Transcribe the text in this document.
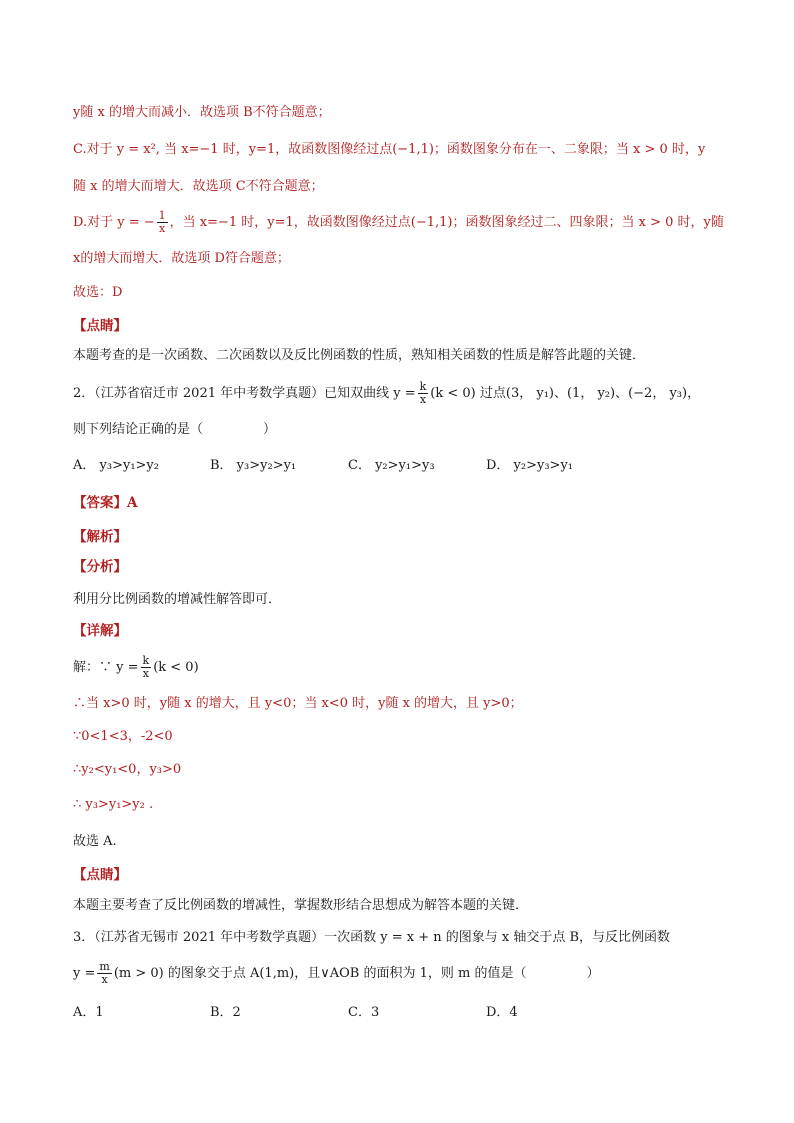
y随 x 的增大而减小．故选项 B不符合题意；
C.对于 y = x², 当 x=−1 时，y=1，故函数图像经过点(−1,1)；函数图象分布在一、二象限；当 x > 0 时，y
随 x 的增大而增大．故选项 C不符合题意；
D.对于 y = − $\frac{1}{x}$ ，当 x=−1 时，y=1，故函数图像经过点(−1,1)；函数图象经过二、四象限；当 x > 0 时，y随
x的增大而增大．故选项 D符合题意；
故选：D
【点睛】
本题考查的是一次函数、二次函数以及反比例函数的性质，熟知相关函数的性质是解答此题的关键．
2．（江苏省宿迁市 2021 年中考数学真题）已知双曲线 $y = \frac{k}{x} (k < 0)$ 过点(3， y₁)、(1， y₂)、(−2， y₃)，
则下列结论正确的是（	）
A． y₃>y₁>y₂	B． y₃>y₂>y₁	C． y₂>y₁>y₃	D． y₂>y₃>y₁
【答案】A
【解析】
【分析】
利用分比例函数的增减性解答即可．
【详解】
解：∵ $y = \frac{k}{x} (k < 0)$
∴当 x>0 时，y随 x 的增大，且 y<0；当 x<0 时，y随 x 的增大，且 y>0；
∵0<1<3，-2<0
∴y₂<y₁<0，y₃>0
∴ y₃>y₁>y₂ .
故选 A.
【点睛】
本题主要考查了反比例函数的增减性，掌握数形结合思想成为解答本题的关键．
3．（江苏省无锡市 2021 年中考数学真题）一次函数 y = x + n 的图象与 x 轴交于点 B，与反比例函数
$y = \frac{m}{x} (m > 0)$ 的图象交于点 A(1,m)，且∨AOB 的面积为 1，则 m 的值是（	）
A．1	B．2	C．3	D．4
